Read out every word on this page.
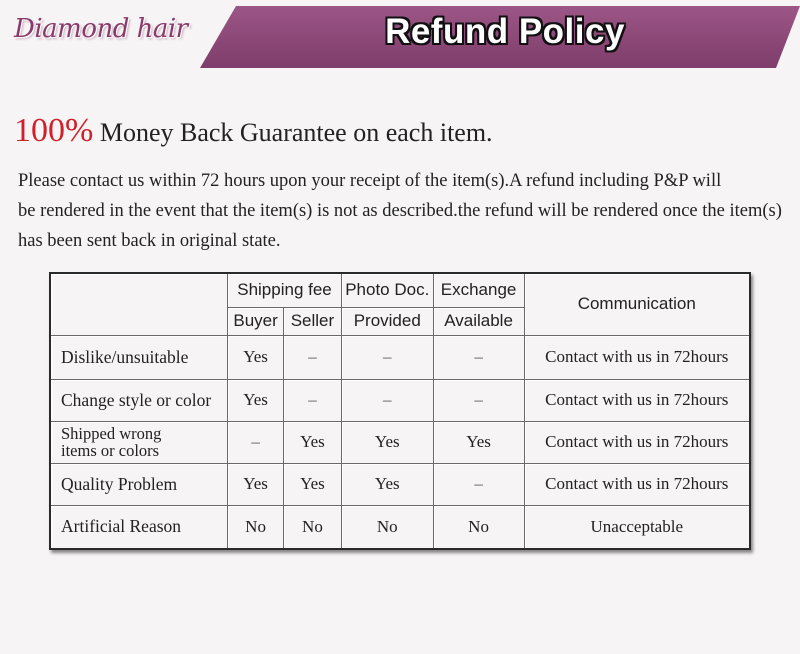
Diamond hair	Refund Policy
100% Money Back Guarantee on each item.
Please contact us within 72 hours upon your receipt of the item(s).A refund including P&P will
be rendered in the event that the item(s) is not as described.the refund will be rendered once the item(s)
has been sent back in original state.
	Shipping fee		Photo Doc.	Exchange	Communication
	Buyer	Seller	Provided	Available	
Dislike/unsuitable	Yes	–	–	–	Contact with us in 72hours
Change style or color	Yes	–	–	–	Contact with us in 72hours

Shipped wrong
items or colors	–	Yes	Yes	Yes	Contact with us in 72hours
Quality Problem	Yes	Yes	Yes	–	Contact with us in 72hours
Artificial Reason	No	No	No	No	Unacceptable
